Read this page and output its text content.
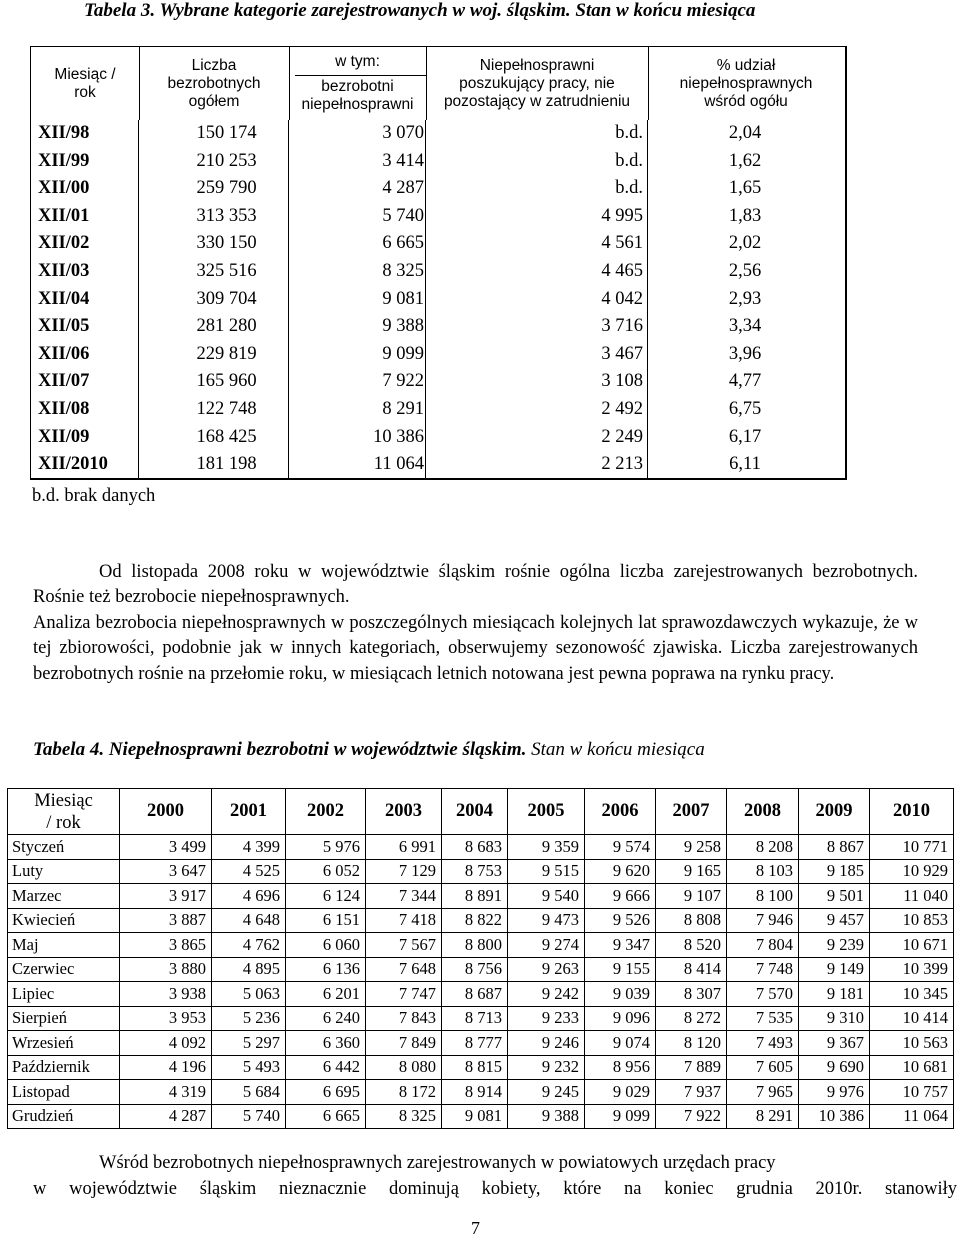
Tabela 3. Wybrane kategorie zarejestrowanych w woj. śląskim. Stan w końcu miesiąca
Miesiąc /
rok
Liczba
bezrobotnych
ogółem
w tym:
bezrobotni
niepełnosprawni
Niepełnosprawni
poszukujący pracy, nie
pozostający w zatrudnieniu
% udział
niepełnosprawnych
wśród ogółu
XII/98	150 174	3 070	b.d.	2,04
XII/99	210 253	3 414	b.d.	1,62
XII/00	259 790	4 287	b.d.	1,65
XII/01	313 353	5 740	4 995	1,83
XII/02	330 150	6 665	4 561	2,02
XII/03	325 516	8 325	4 465	2,56
XII/04	309 704	9 081	4 042	2,93
XII/05	281 280	9 388	3 716	3,34
XII/06	229 819	9 099	3 467	3,96
XII/07	165 960	7 922	3 108	4,77
XII/08	122 748	8 291	2 492	6,75
XII/09	168 425	10 386	2 249	6,17
XII/2010	181 198	11 064	2 213	6,11
b.d. brak danych
Od listopada 2008 roku w województwie śląskim rośnie ogólna liczba zarejestrowanych bezrobotnych. Rośnie też bezrobocie niepełnosprawnych.
Analiza bezrobocia niepełnosprawnych w poszczególnych miesiącach kolejnych lat sprawozdawczych wykazuje, że w tej zbiorowości, podobnie jak w innych kategoriach, obserwujemy sezonowość zjawiska. Liczba zarejestrowanych bezrobotnych rośnie na przełomie roku, w miesiącach letnich notowana jest pewna poprawa na rynku pracy.
Tabela 4. Niepełnosprawni bezrobotni w województwie śląskim. Stan w końcu miesiąca
Miesiąc
/ rok	2000	2001	2002	2003	2004	2005	2006	2007	2008	2009	2010
Styczeń	3 499	4 399	5 976	6 991	8 683	9 359	9 574	9 258	8 208	8 867	10 771
Luty	3 647	4 525	6 052	7 129	8 753	9 515	9 620	9 165	8 103	9 185	10 929
Marzec	3 917	4 696	6 124	7 344	8 891	9 540	9 666	9 107	8 100	9 501	11 040
Kwiecień	3 887	4 648	6 151	7 418	8 822	9 473	9 526	8 808	7 946	9 457	10 853
Maj	3 865	4 762	6 060	7 567	8 800	9 274	9 347	8 520	7 804	9 239	10 671
Czerwiec	3 880	4 895	6 136	7 648	8 756	9 263	9 155	8 414	7 748	9 149	10 399
Lipiec	3 938	5 063	6 201	7 747	8 687	9 242	9 039	8 307	7 570	9 181	10 345
Sierpień	3 953	5 236	6 240	7 843	8 713	9 233	9 096	8 272	7 535	9 310	10 414
Wrzesień	4 092	5 297	6 360	7 849	8 777	9 246	9 074	8 120	7 493	9 367	10 563
Październik	4 196	5 493	6 442	8 080	8 815	9 232	8 956	7 889	7 605	9 690	10 681
Listopad	4 319	5 684	6 695	8 172	8 914	9 245	9 029	7 937	7 965	9 976	10 757
Grudzień	4 287	5 740	6 665	8 325	9 081	9 388	9 099	7 922	8 291	10 386	11 064
Wśród bezrobotnych niepełnosprawnych zarejestrowanych w powiatowych urzędach pracy
w województwie śląskim nieznacznie dominują kobiety, które na koniec grudnia 2010r. stanowiły
7
